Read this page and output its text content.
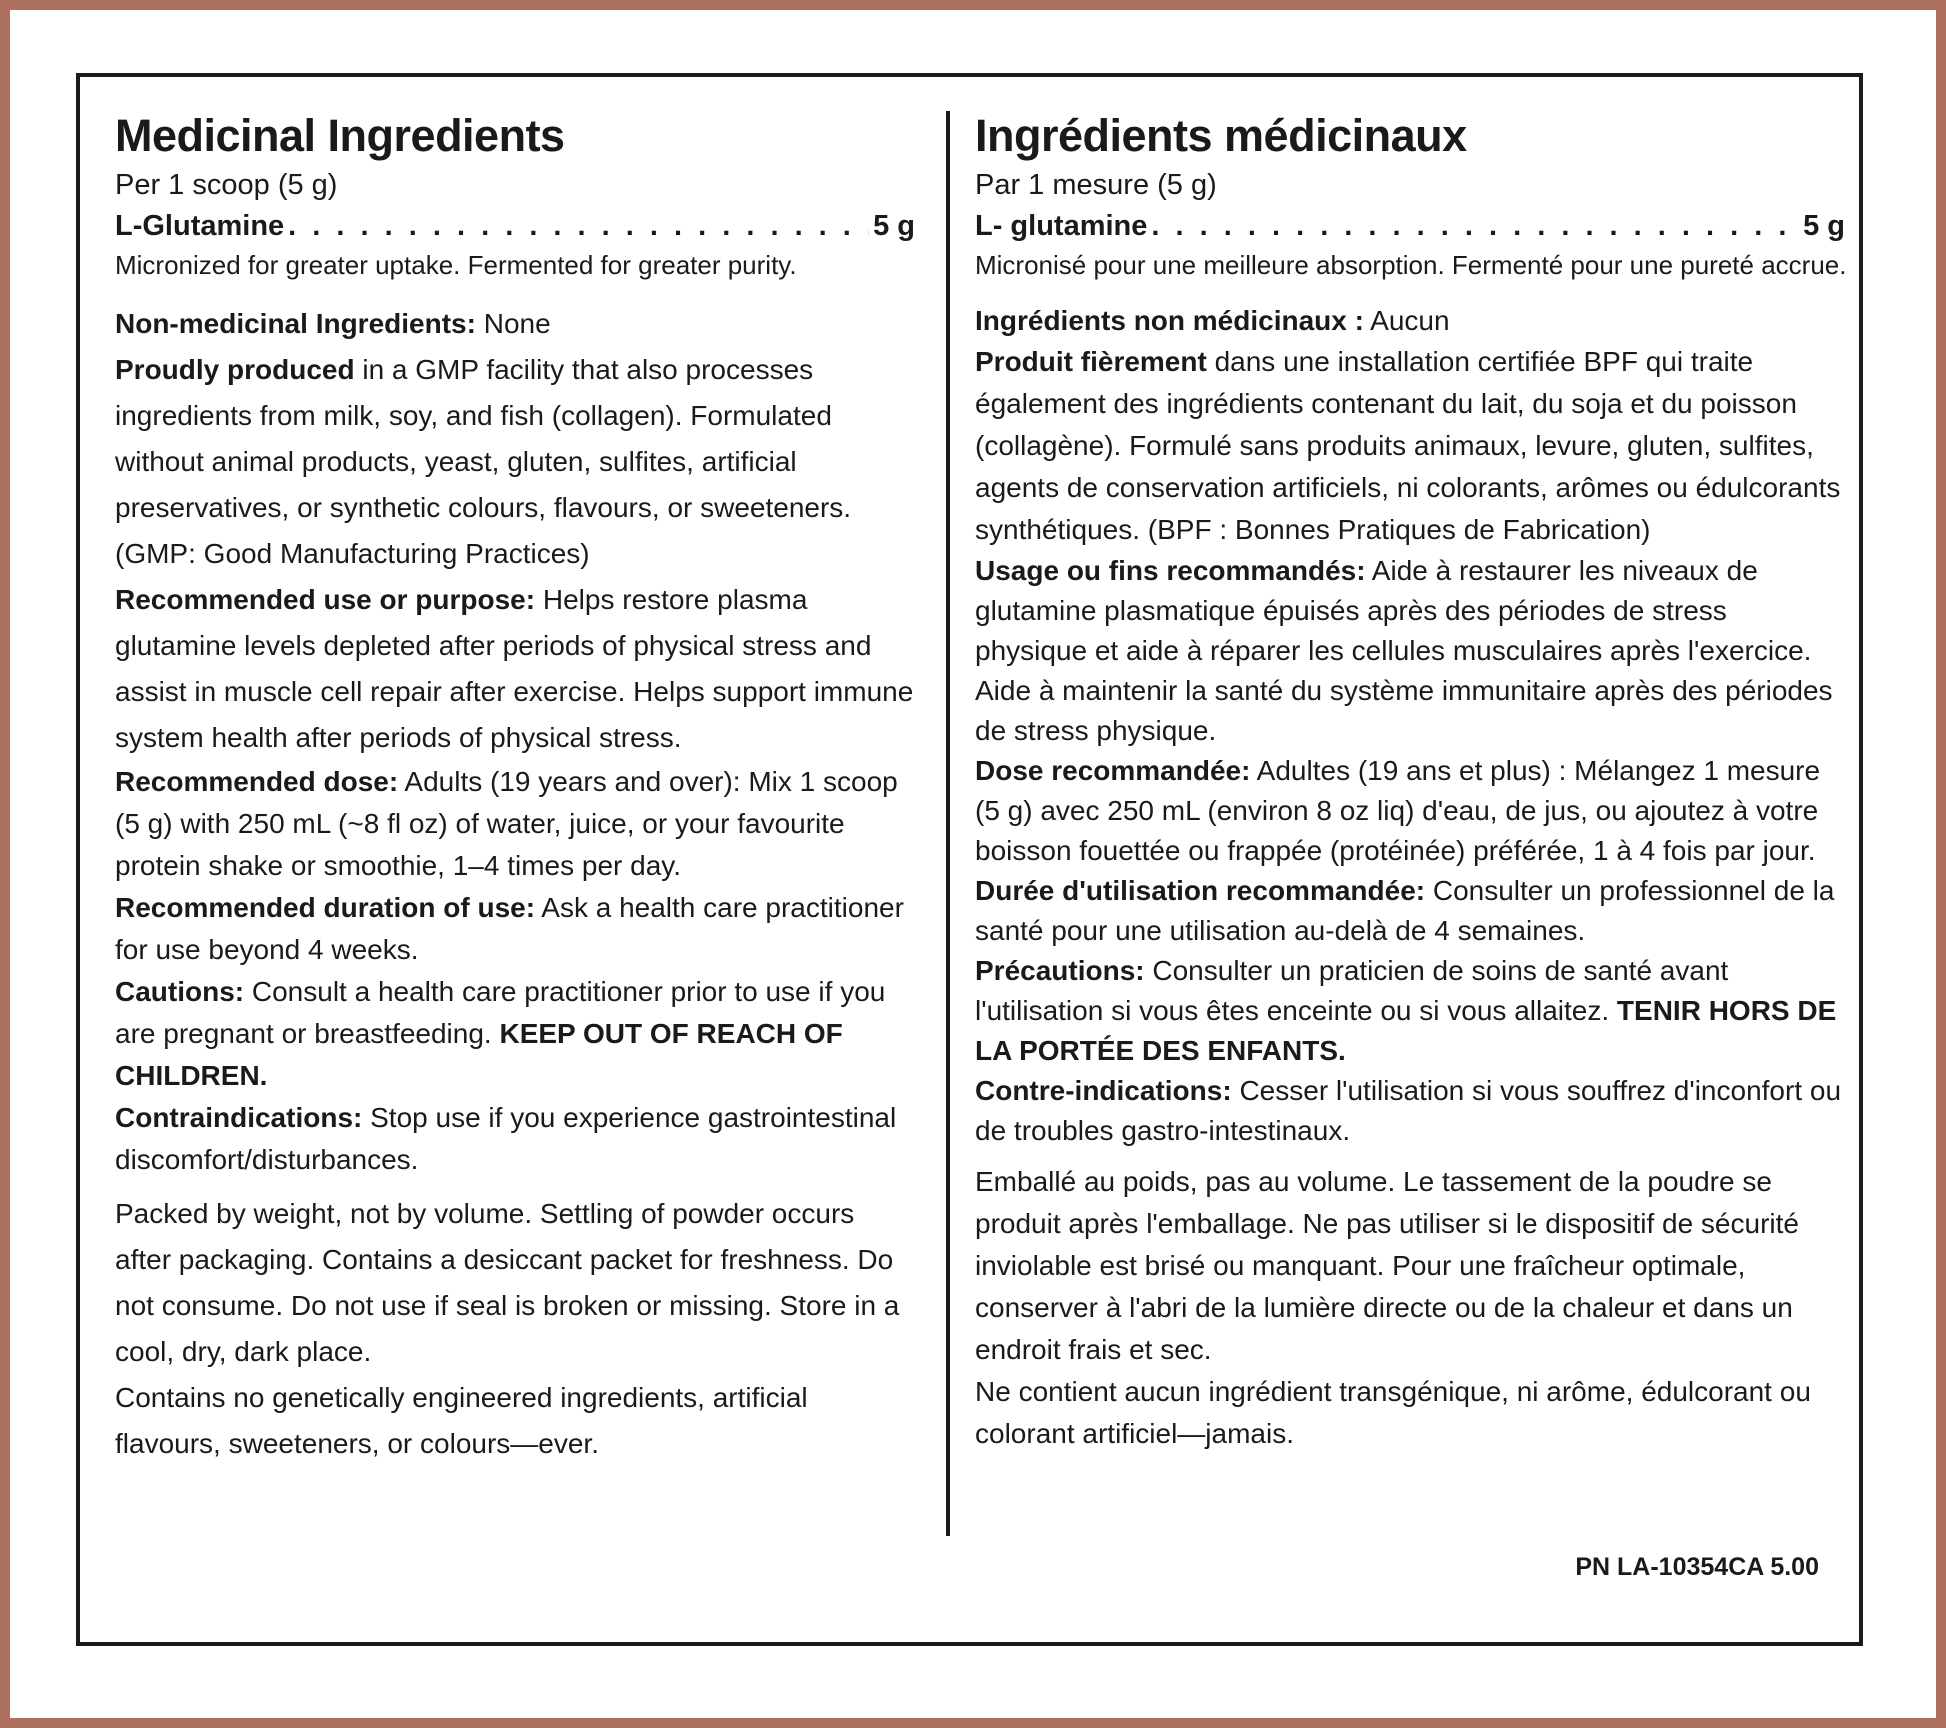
Medicinal Ingredients
Per 1 scoop (5 g)
L-Glutamine . . .	5 g
Micronized for greater uptake. Fermented for greater purity.

Non-medicinal Ingredients: None

Proudly produced in a GMP facility that also processes ingredients from milk, soy, and fish (collagen). Formulated without animal products, yeast, gluten, sulfites, artificial preservatives, or synthetic colours, flavours, or sweeteners. (GMP: Good Manufacturing Practices)

Recommended use or purpose: Helps restore plasma glutamine levels depleted after periods of physical stress and assist in muscle cell repair after exercise. Helps support immune system health after periods of physical stress.

Recommended dose: Adults (19 years and over): Mix 1 scoop (5 g) with 250 mL (~8 fl oz) of water, juice, or your favourite protein shake or smoothie, 1–4 times per day.

Recommended duration of use: Ask a health care practitioner for use beyond 4 weeks.

Cautions: Consult a health care practitioner prior to use if you are pregnant or breastfeeding. KEEP OUT OF REACH OF CHILDREN.

Contraindications: Stop use if you experience gastrointestinal discomfort/disturbances.

Packed by weight, not by volume. Settling of powder occurs after packaging. Contains a desiccant packet for freshness. Do not consume. Do not use if seal is broken or missing. Store in a cool, dry, dark place.

Contains no genetically engineered ingredients, artificial flavours, sweeteners, or colours—ever.

Ingrédients médicinaux
Par 1 mesure (5 g)
L- glutamine . . .	5 g
Micronisé pour une meilleure absorption. Fermenté pour une pureté accrue.

Ingrédients non médicinaux : Aucun

Produit fièrement dans une installation certifiée BPF qui traite également des ingrédients contenant du lait, du soja et du poisson (collagène). Formulé sans produits animaux, levure, gluten, sulfites, agents de conservation artificiels, ni colorants, arômes ou édulcorants synthétiques. (BPF : Bonnes Pratiques de Fabrication)

Usage ou fins recommandés: Aide à restaurer les niveaux de glutamine plasmatique épuisés après des périodes de stress physique et aide à réparer les cellules musculaires après l'exercice. Aide à maintenir la santé du système immunitaire après des périodes de stress physique.

Dose recommandée: Adultes (19 ans et plus) : Mélangez 1 mesure (5 g) avec 250 mL (environ 8 oz liq) d'eau, de jus, ou ajoutez à votre boisson fouettée ou frappée (protéinée) préférée, 1 à 4 fois par jour.

Durée d'utilisation recommandée: Consulter un professionnel de la santé pour une utilisation au-delà de 4 semaines.

Précautions: Consulter un praticien de soins de santé avant l'utilisation si vous êtes enceinte ou si vous allaitez. TENIR HORS DE LA PORTÉE DES ENFANTS.

Contre-indications: Cesser l'utilisation si vous souffrez d'inconfort ou de troubles gastro-intestinaux.

Emballé au poids, pas au volume. Le tassement de la poudre se produit après l'emballage. Ne pas utiliser si le dispositif de sécurité inviolable est brisé ou manquant. Pour une fraîcheur optimale, conserver à l'abri de la lumière directe ou de la chaleur et dans un endroit frais et sec.

Ne contient aucun ingrédient transgénique, ni arôme, édulcorant ou colorant artificiel—jamais.

PN LA-10354CA 5.00
